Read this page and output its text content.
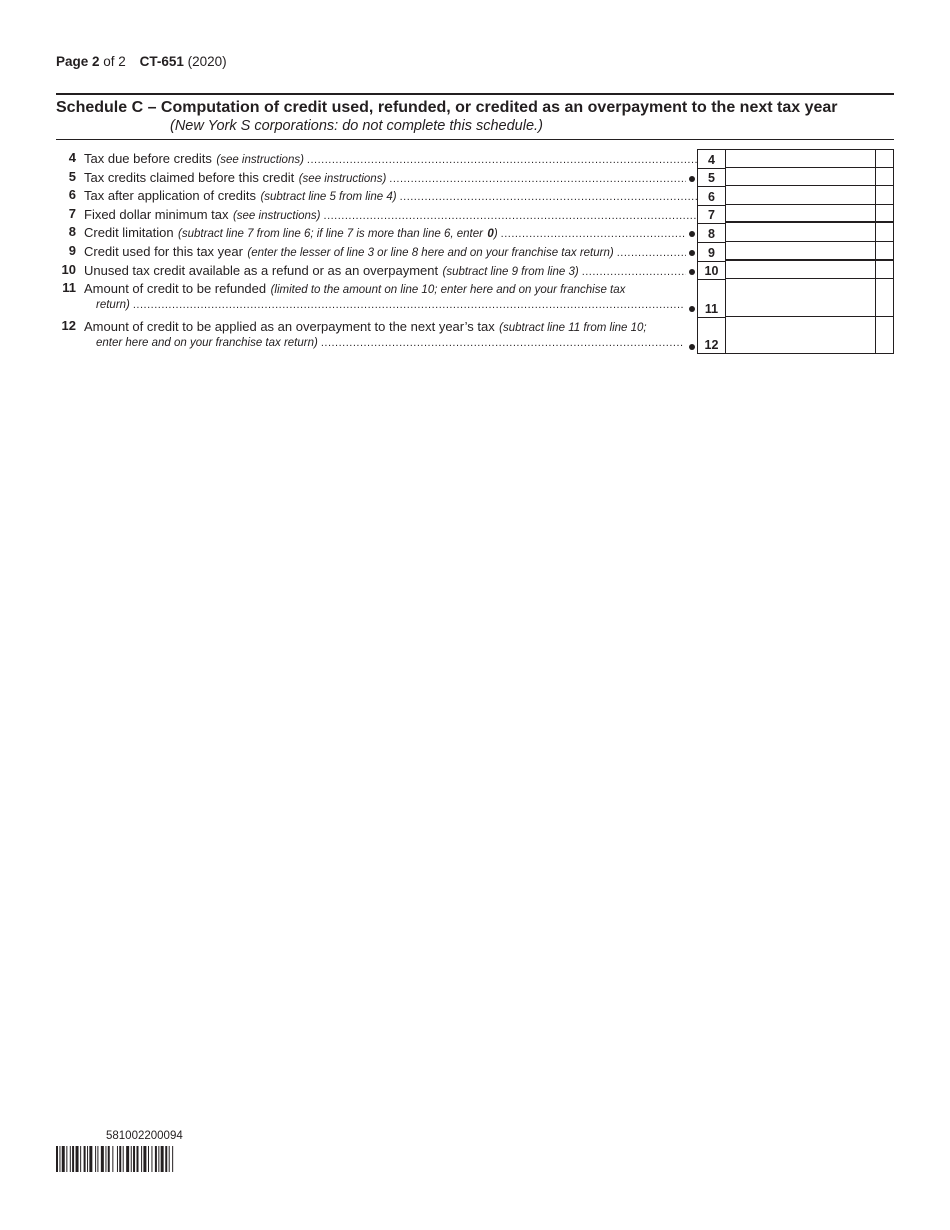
Page 2 of 2 CT-651 (2020)
Schedule C – Computation of credit used, refunded, or credited as an overpayment to the next tax year
(New York S corporations: do not complete this schedule.)
4 Tax due before credits
(see instructions) .....	4
5 Tax credits claimed before this credit
(see instructions) .....	5
6 Tax after application of credits
(subtract line 5 from line 4) .....	6
7 Fixed dollar minimum tax
(see instructions) .....	7
8 Credit limitation
(subtract line 7 from line 6; if line 7 is more than line 6, enter
0 ) .....	8
9 Credit used for this tax year
(enter the lesser of line 3 or line 8 here and on your franchise tax return) .....	9
10 Unused tax credit available as a refund or as an overpayment
(subtract line 9 from line 3) .....	10
11 Amount of credit to be refunded
(limited to the amount on line 10; enter here and on your franchise tax
return) .....	11
12 Amount of credit to be applied as an overpayment to the next year’s tax
(subtract line 11 from line 10;
enter here and on your franchise tax return) .....	12
581002200094
